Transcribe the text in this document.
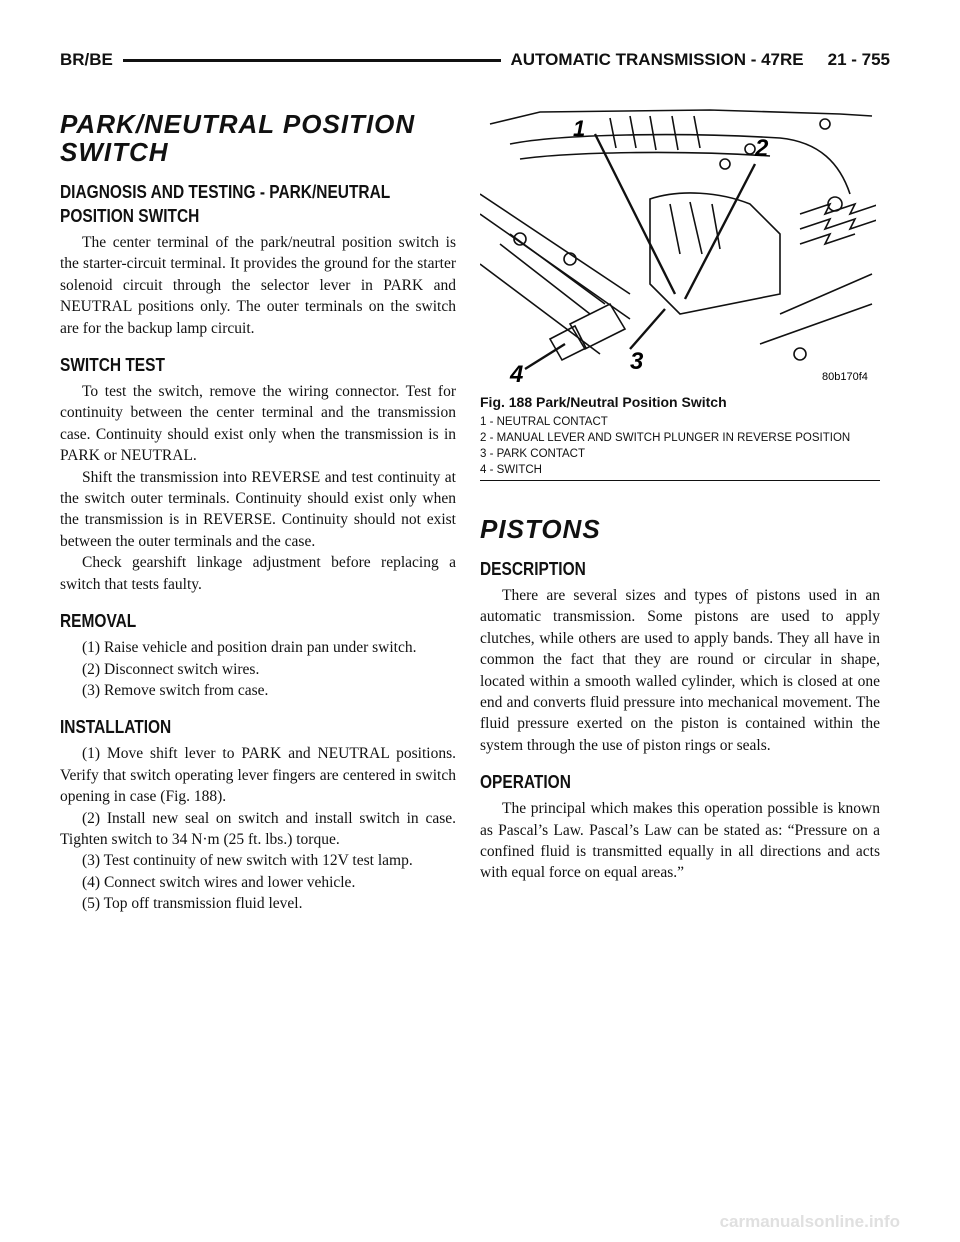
BR/BE	AUTOMATIC TRANSMISSION - 47RE 21 - 755
PARK/NEUTRAL POSITION SWITCH
DIAGNOSIS AND TESTING - PARK/NEUTRAL POSITION SWITCH

The center terminal of the park/neutral position switch is the starter-circuit terminal. It provides the ground for the starter solenoid circuit through the selector lever in PARK and NEUTRAL positions only. The outer terminals on the switch are for the backup lamp circuit.

SWITCH TEST

To test the switch, remove the wiring connector. Test for continuity between the center terminal and the transmission case. Continuity should exist only when the transmission is in PARK or NEUTRAL.

Shift the transmission into REVERSE and test continuity at the switch outer terminals. Continuity should exist only when the transmission is in REVERSE. Continuity should not exist between the outer terminals and the case.

Check gearshift linkage adjustment before replacing a switch that tests faulty.

REMOVAL

(1) Raise vehicle and position drain pan under switch.

(2) Disconnect switch wires.

(3) Remove switch from case.

INSTALLATION

(1) Move shift lever to PARK and NEUTRAL positions. Verify that switch operating lever fingers are centered in switch opening in case (Fig. 188).

(2) Install new seal on switch and install switch in case. Tighten switch to 34 N·m (25 ft. lbs.) torque.

(3) Test continuity of new switch with 12V test lamp.

(4) Connect switch wires and lower vehicle.

(5) Top off transmission fluid level.

1
2
3
4	80b170f4
Fig. 188 Park/Neutral Position Switch
1 - NEUTRAL CONTACT
2 - MANUAL LEVER AND SWITCH PLUNGER IN REVERSE POSITION
3 - PARK CONTACT
4 - SWITCH
PISTONS
DESCRIPTION

There are several sizes and types of pistons used in an automatic transmission. Some pistons are used to apply clutches, while others are used to apply bands. They all have in common the fact that they are round or circular in shape, located within a smooth walled cylinder, which is closed at one end and converts fluid pressure into mechanical movement. The fluid pressure exerted on the piston is contained within the system through the use of piston rings or seals.

OPERATION

The principal which makes this operation possible is known as Pascal’s Law. Pascal’s Law can be stated as: “Pressure on a confined fluid is transmitted equally in all directions and acts with equal force on equal areas.”

carmanualsonline.info
